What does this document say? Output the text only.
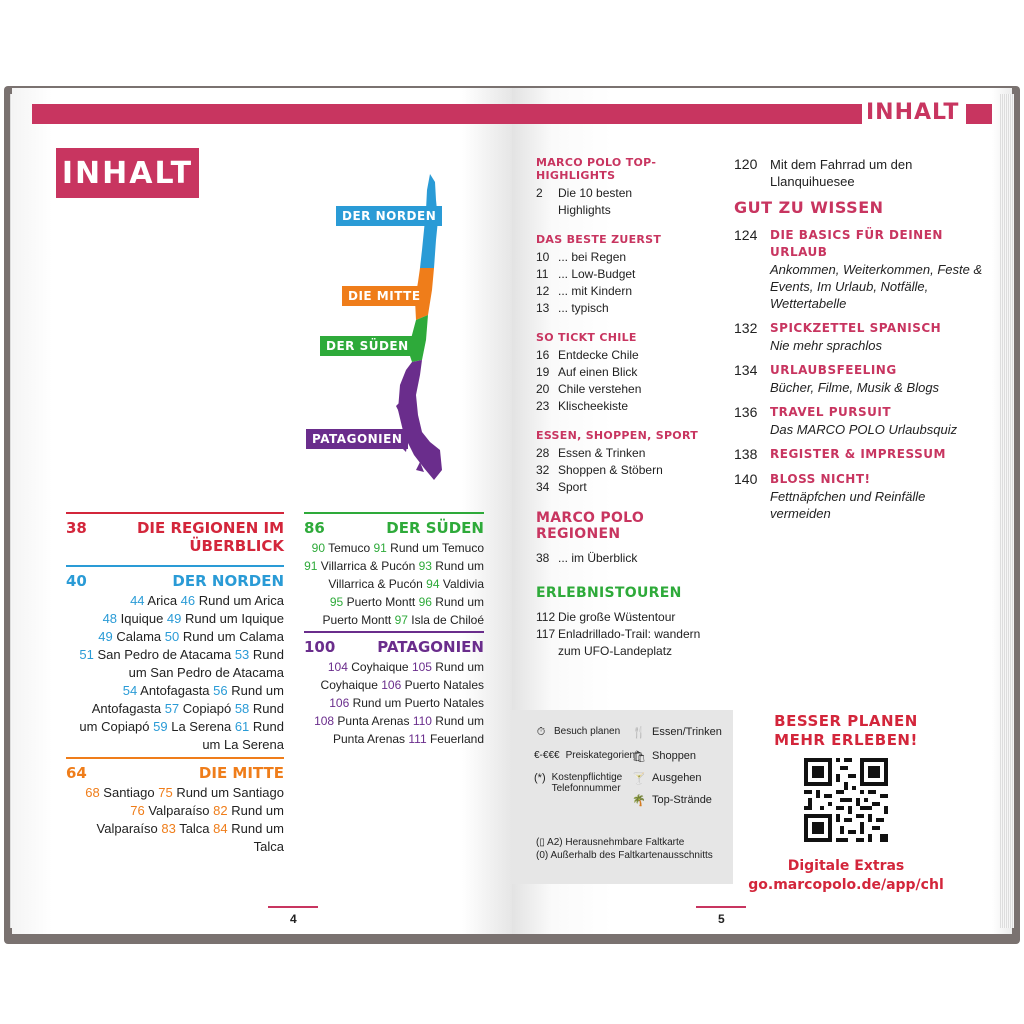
INHALT
INHALT
DER NORDEN
DIE MITTE
DER SÜDEN
PATAGONIEN
38	DIE REGIONEN IM ÜBERBLICK
40	DER NORDEN
44 Arica 46 Rund um Arica
48 Iquique 49 Rund um Iquique
49 Calama 50 Rund um Calama
51 San Pedro de Atacama 53 Rund
um San Pedro de Atacama
54 Antofagasta 56 Rund um
Antofagasta 57 Copiapó 58 Rund
um Copiapó 59 La Serena 61 Rund
um La Serena
64	DIE MITTE
68 Santiago 75 Rund um Santiago
76 Valparaíso 82 Rund um
Valparaíso 83 Talca 84 Rund um
Talca
86	DER SÜDEN
90 Temuco 91 Rund um Temuco
91 Villarrica & Pucón 93 Rund um
Villarrica & Pucón 94 Valdivia
95 Puerto Montt 96 Rund um
Puerto Montt 97 Isla de Chiloé
100	PATAGONIEN
104 Coyhaique 105 Rund um
Coyhaique 106 Puerto Natales
106 Rund um Puerto Natales
108 Punta Arenas 110 Rund um
Punta Arenas 111 Feuerland
4
MARCO POLO TOP-HIGHLIGHTS
2	Die 10 besten
Highlights
DAS BESTE ZUERST
10 ... bei Regen
11 ... Low-Budget
12 ... mit Kindern
13 ... typisch
SO TICKT CHILE
16 Entdecke Chile
19 Auf einen Blick
20 Chile verstehen
23 Klischeekiste
ESSEN, SHOPPEN, SPORT
28 Essen & Trinken
32 Shoppen & Stöbern
34 Sport
MARCO POLO REGIONEN
38 ... im Überblick
ERLEBNISTOUREN
112 Die große Wüstentour
117 Enladrillado-Trail: wandern
zum UFO-Landeplatz
120 Mit dem Fahrrad um den
Llanquihuesee
GUT ZU WISSEN
124	DIE BASICS FÜR DEINEN URLAUB
Ankommen, Weiterkommen, Feste & Events, Im Urlaub, Notfälle, Wettertabelle
132	SPICKZETTEL SPANISCH
Nie mehr sprachlos
134	URLAUBSFEELING
Bücher, Filme, Musik & Blogs
136	TRAVEL PURSUIT
Das MARCO POLO Urlaubsquiz
138	REGISTER & IMPRESSUM
140	BLOSS NICHT!
Fettnäpfchen und Reinfälle vermeiden
⏱ Besuch planen
€-€€€ Preiskategorien
(*) Kostenpflichtige Telefonnummer
🍴 Essen/Trinken
🛍 Shoppen
🍸 Ausgehen
🌴 Top-Strände
(▯ A2) Herausnehmbare Faltkarte
(0) Außerhalb des Faltkartenausschnitts
BESSER PLANEN
MEHR ERLEBEN!
Digitale Extras
go.marcopolo.de/app/chl
5
